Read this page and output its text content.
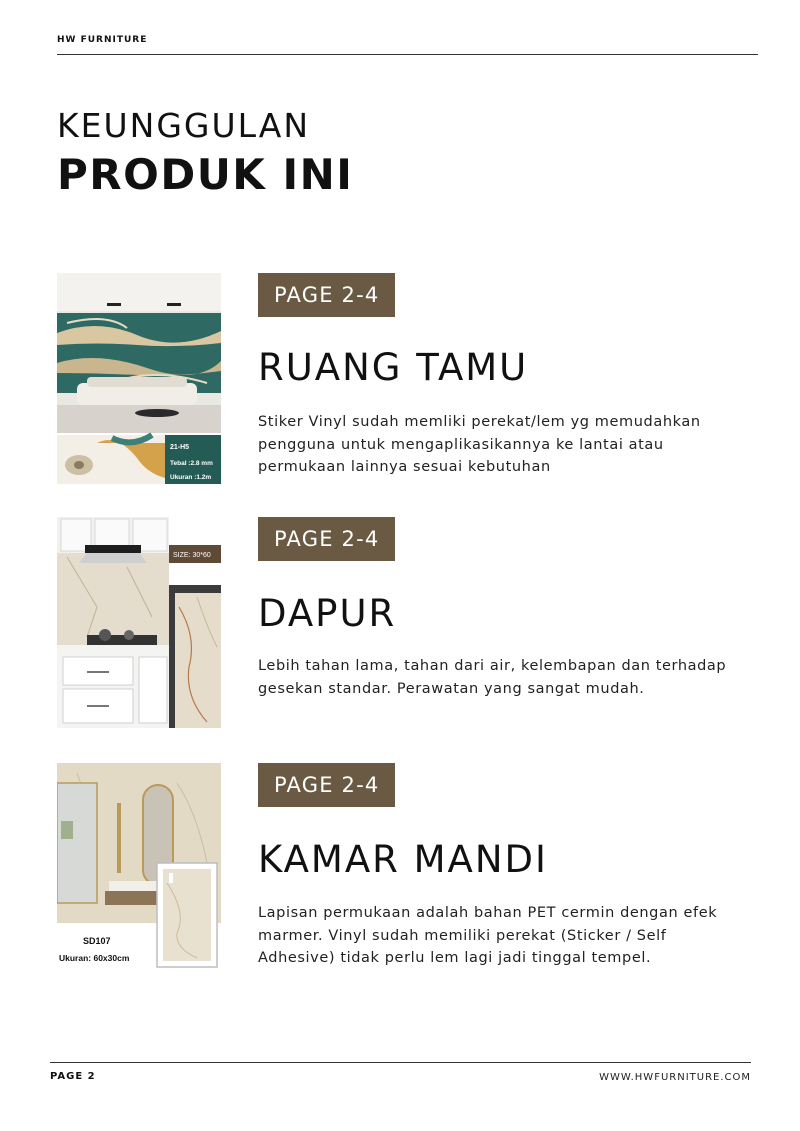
HW FURNITURE
KEUNGGULAN
PRODUK INI
21-H5
Tebal :2.8 mm
Ukuran :1.2m
PAGE 2-4
RUANG TAMU
Stiker Vinyl sudah memliki perekat/lem yg memudahkan pengguna untuk mengaplikasikannya ke lantai atau permukaan lainnya sesuai kebutuhan
SIZE: 30*60
PAGE 2-4
DAPUR
Lebih tahan lama, tahan dari air, kelembapan dan terhadap gesekan standar. Perawatan yang sangat mudah.
SD107
Ukuran: 60x30cm
PAGE 2-4
KAMAR MANDI
Lapisan permukaan adalah bahan PET cermin dengan efek marmer. Vinyl sudah memiliki perekat (Sticker / Self Adhesive) tidak perlu lem lagi jadi tinggal tempel.
PAGE 2	WWW.HWFURNITURE.COM
